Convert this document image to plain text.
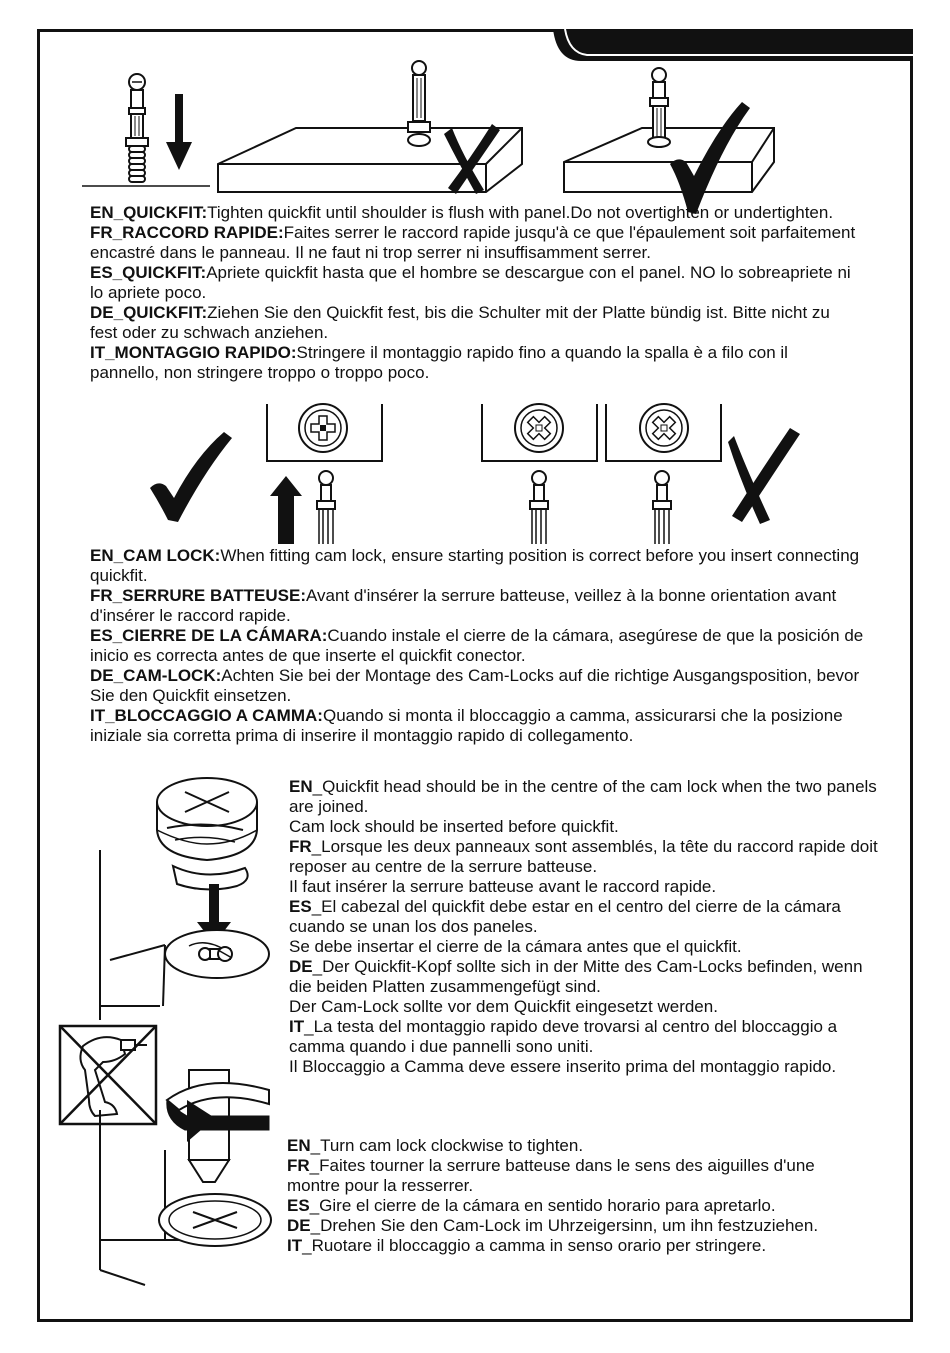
EN_QUICKFIT:Tighten quickfit until shoulder is flush with panel.Do not overtighten or undertighten.

FR_RACCORD RAPIDE:Faites serrer le raccord rapide jusqu'à ce que l'épaulement soit parfaitement encastré dans le panneau. Il ne faut ni trop serrer ni insuffisamment serrer.

ES_QUICKFIT:Apriete quickfit hasta que el hombre se descargue con el panel. NO lo sobreapriete ni lo apriete poco.

DE_QUICKFIT:Ziehen Sie den Quickfit fest, bis die Schulter mit der Platte bündig ist. Bitte nicht zu fest oder zu schwach anziehen.

IT_MONTAGGIO RAPIDO:Stringere il montaggio rapido fino a quando la spalla è a filo con il pannello, non stringere troppo o troppo poco.

EN_CAM LOCK:When fitting cam lock, ensure starting position is correct before you insert connecting quickfit.

FR_SERRURE BATTEUSE:Avant d'insérer la serrure batteuse, veillez à la bonne orientation avant d'insérer le raccord rapide.

ES_CIERRE DE LA CÁMARA:Cuando instale el cierre de la cámara, asegúrese de que la posición de inicio es correcta antes de que inserte el quickfit conector.

DE_CAM-LOCK:Achten Sie bei der Montage des Cam-Locks auf die richtige Ausgangsposition, bevor Sie den Quickfit einsetzen.

IT_BLOCCAGGIO A CAMMA:Quando si monta il bloccaggio a camma, assicurarsi che la posizione iniziale sia corretta prima di inserire il montaggio rapido di collegamento.

EN_Quickfit head should be in the centre of the cam lock when the two panels are joined.

Cam lock should be inserted before quickfit.

FR_Lorsque les deux panneaux sont assemblés, la tête du raccord rapide doit reposer au centre de la serrure batteuse.

Il faut insérer la serrure batteuse avant le raccord rapide.

ES_El cabezal del quickfit debe estar en el centro del cierre de la cámara cuando se unan los dos paneles.

Se debe insertar el cierre de la cámara antes que el quickfit.

DE_Der Quickfit-Kopf sollte sich in der Mitte des Cam-Locks befinden, wenn die beiden Platten zusammengefügt sind.

Der Cam-Lock sollte vor dem Quickfit eingesetzt werden.

IT_La testa del montaggio rapido deve trovarsi al centro del bloccaggio a camma quando i due pannelli sono uniti.

Il Bloccaggio a Camma deve essere inserito prima del montaggio rapido.

EN_Turn cam lock clockwise to tighten.

FR_Faites tourner la serrure batteuse dans le sens des aiguilles d'une montre pour la resserrer.

ES_Gire el cierre de la cámara en sentido horario para apretarlo.

DE_Drehen Sie den Cam-Lock im Uhrzeigersinn, um ihn festzuziehen.

IT_Ruotare il bloccaggio a camma in senso orario per stringere.
